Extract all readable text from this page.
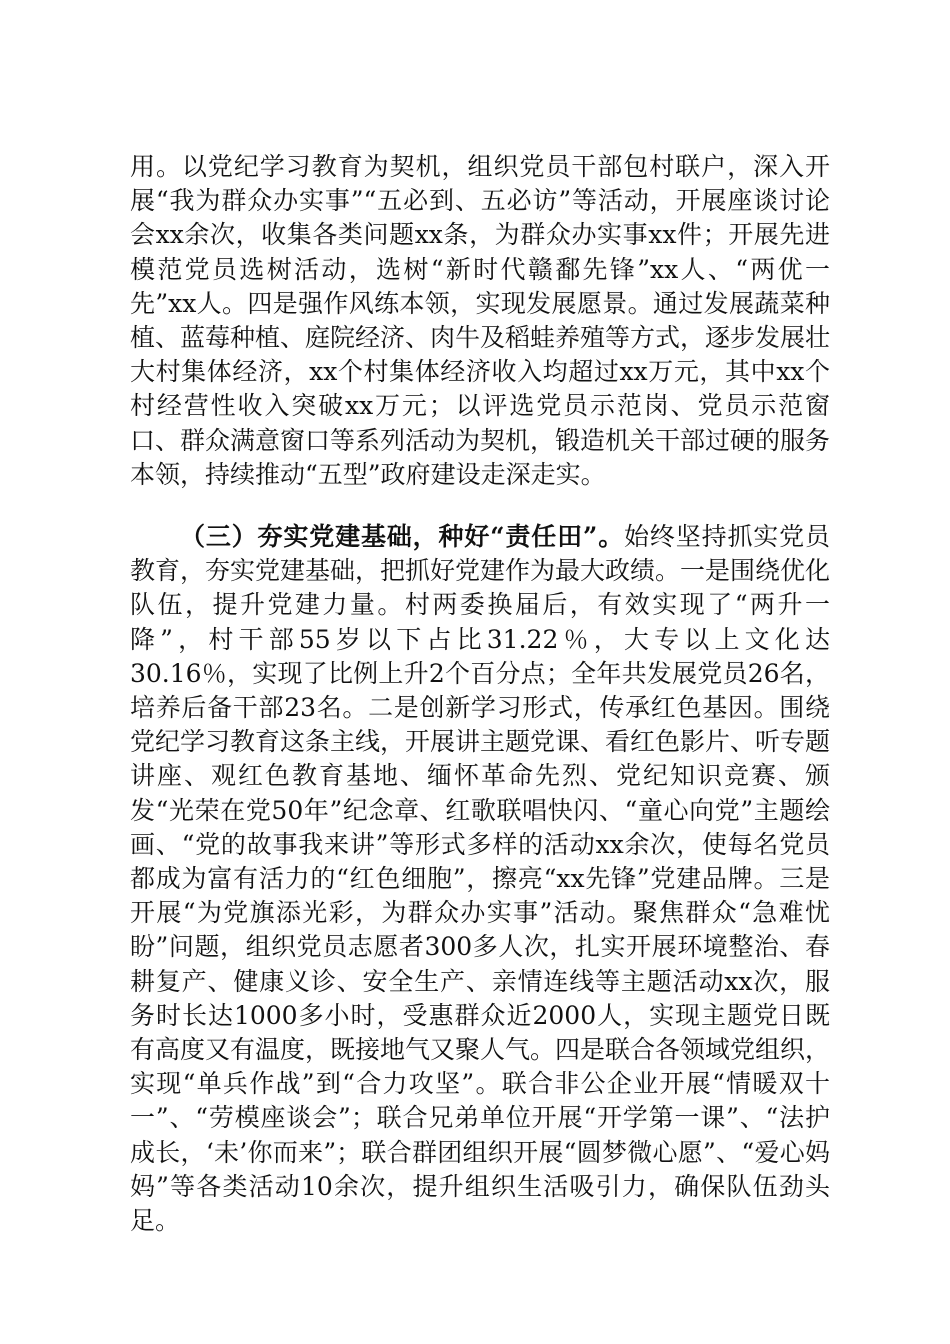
用。以党纪学习教育为契机，组织党员干部包村联户，深入开展“我为群众办实事”“五必到、五必访”等活动，开展座谈讨论会xx余次，收集各类问题xx条，为群众办实事xx件；开展先进模范党员选树活动，选树“新时代赣鄱先锋”xx人、“两优一先”xx人。四是强作风练本领，实现发展愿景。通过发展蔬菜种植、蓝莓种植、庭院经济、肉牛及稻蛙养殖等方式，逐步发展壮大村集体经济，xx个村集体经济收入均超过xx万元，其中xx个村经营性收入突破xx万元；以评选党员示范岗、党员示范窗口、群众满意窗口等系列活动为契机，锻造机关干部过硬的服务本领，持续推动“五型”政府建设走深走实。

（三）夯实党建基础，种好“责任田”。始终坚持抓实党员教育，夯实党建基础，把抓好党建作为最大政绩。一是围绕优化队伍，提升党建力量。村两委换届后，有效实现了“两升一降”，村干部55岁以下占比31.22％，大专以上文化达30.16％，实现了比例上升2个百分点；全年共发展党员26名，培养后备干部23名。二是创新学习形式，传承红色基因。围绕党纪学习教育这条主线，开展讲主题党课、看红色影片、听专题讲座、观红色教育基地、缅怀革命先烈、党纪知识竞赛、颁发“光荣在党50年”纪念章、红歌联唱快闪、“童心向党”主题绘画、“党的故事我来讲”等形式多样的活动xx余次，使每名党员都成为富有活力的“红色细胞”，擦亮“xx先锋”党建品牌。三是开展“为党旗添光彩，为群众办实事”活动。聚焦群众“急难忧盼”问题，组织党员志愿者300多人次，扎实开展环境整治、春耕复产、健康义诊、安全生产、亲情连线等主题活动xx次，服务时长达1000多小时，受惠群众近2000人，实现主题党日既有高度又有温度，既接地气又聚人气。四是联合各领域党组织，实现“单兵作战”到“合力攻坚”。联合非公企业开展“情暖双十一”、“劳模座谈会”；联合兄弟单位开展“开学第一课”、“法护成长，‘未’你而来”；联合群团组织开展“圆梦微心愿”、“爱心妈妈”等各类活动10余次，提升组织生活吸引力，确保队伍劲头足。
